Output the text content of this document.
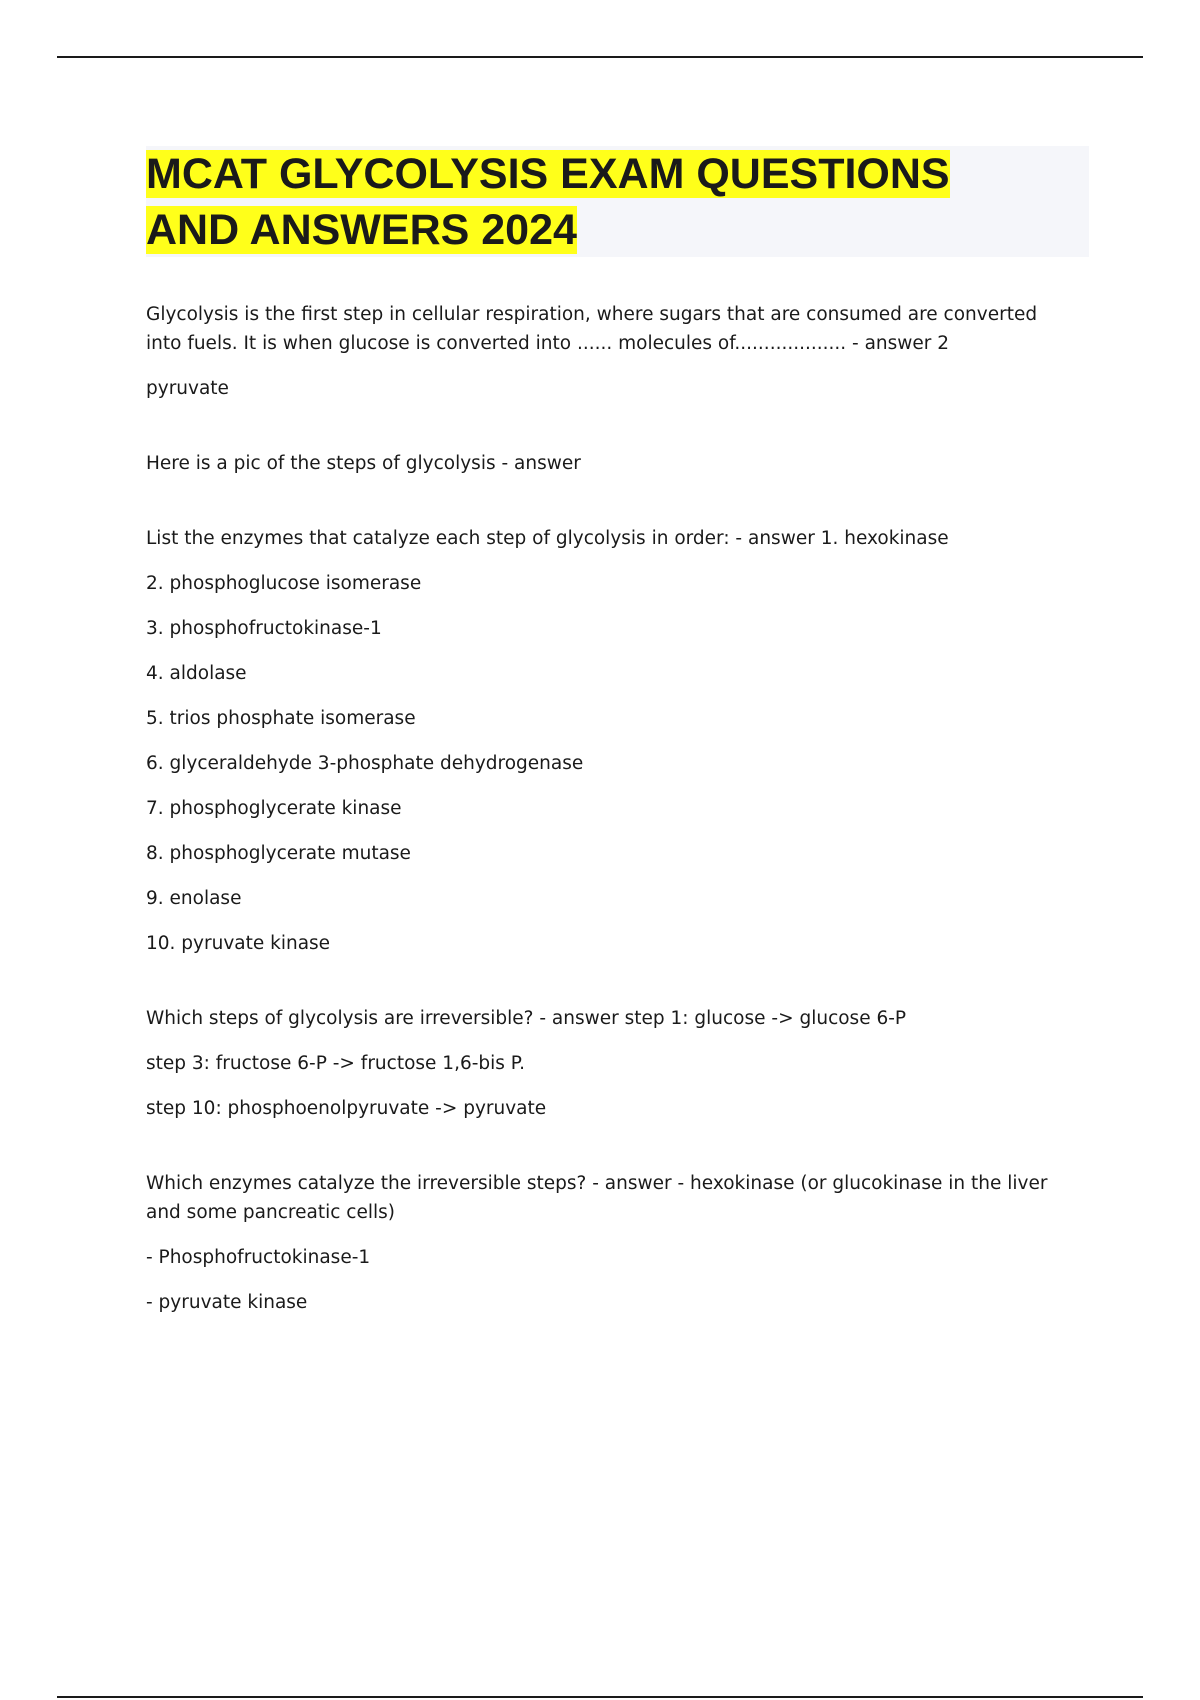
MCAT GLYCOLYSIS EXAM QUESTIONS
AND ANSWERS 2024

Glycolysis is the first step in cellular respiration, where sugars that are consumed are converted into fuels. It is when glucose is converted into ...... molecules of................... - answer 2

pyruvate

Here is a pic of the steps of glycolysis - answer

List the enzymes that catalyze each step of glycolysis in order: - answer 1. hexokinase

2. phosphoglucose isomerase

3. phosphofructokinase-1

4. aldolase

5. trios phosphate isomerase

6. glyceraldehyde 3-phosphate dehydrogenase

7. phosphoglycerate kinase

8. phosphoglycerate mutase

9. enolase

10. pyruvate kinase

Which steps of glycolysis are irreversible? - answer step 1: glucose -> glucose 6-P

step 3: fructose 6-P -> fructose 1,6-bis P.

step 10: phosphoenolpyruvate -> pyruvate

Which enzymes catalyze the irreversible steps? - answer - hexokinase (or glucokinase in the liver and some pancreatic cells)

- Phosphofructokinase-1

- pyruvate kinase
